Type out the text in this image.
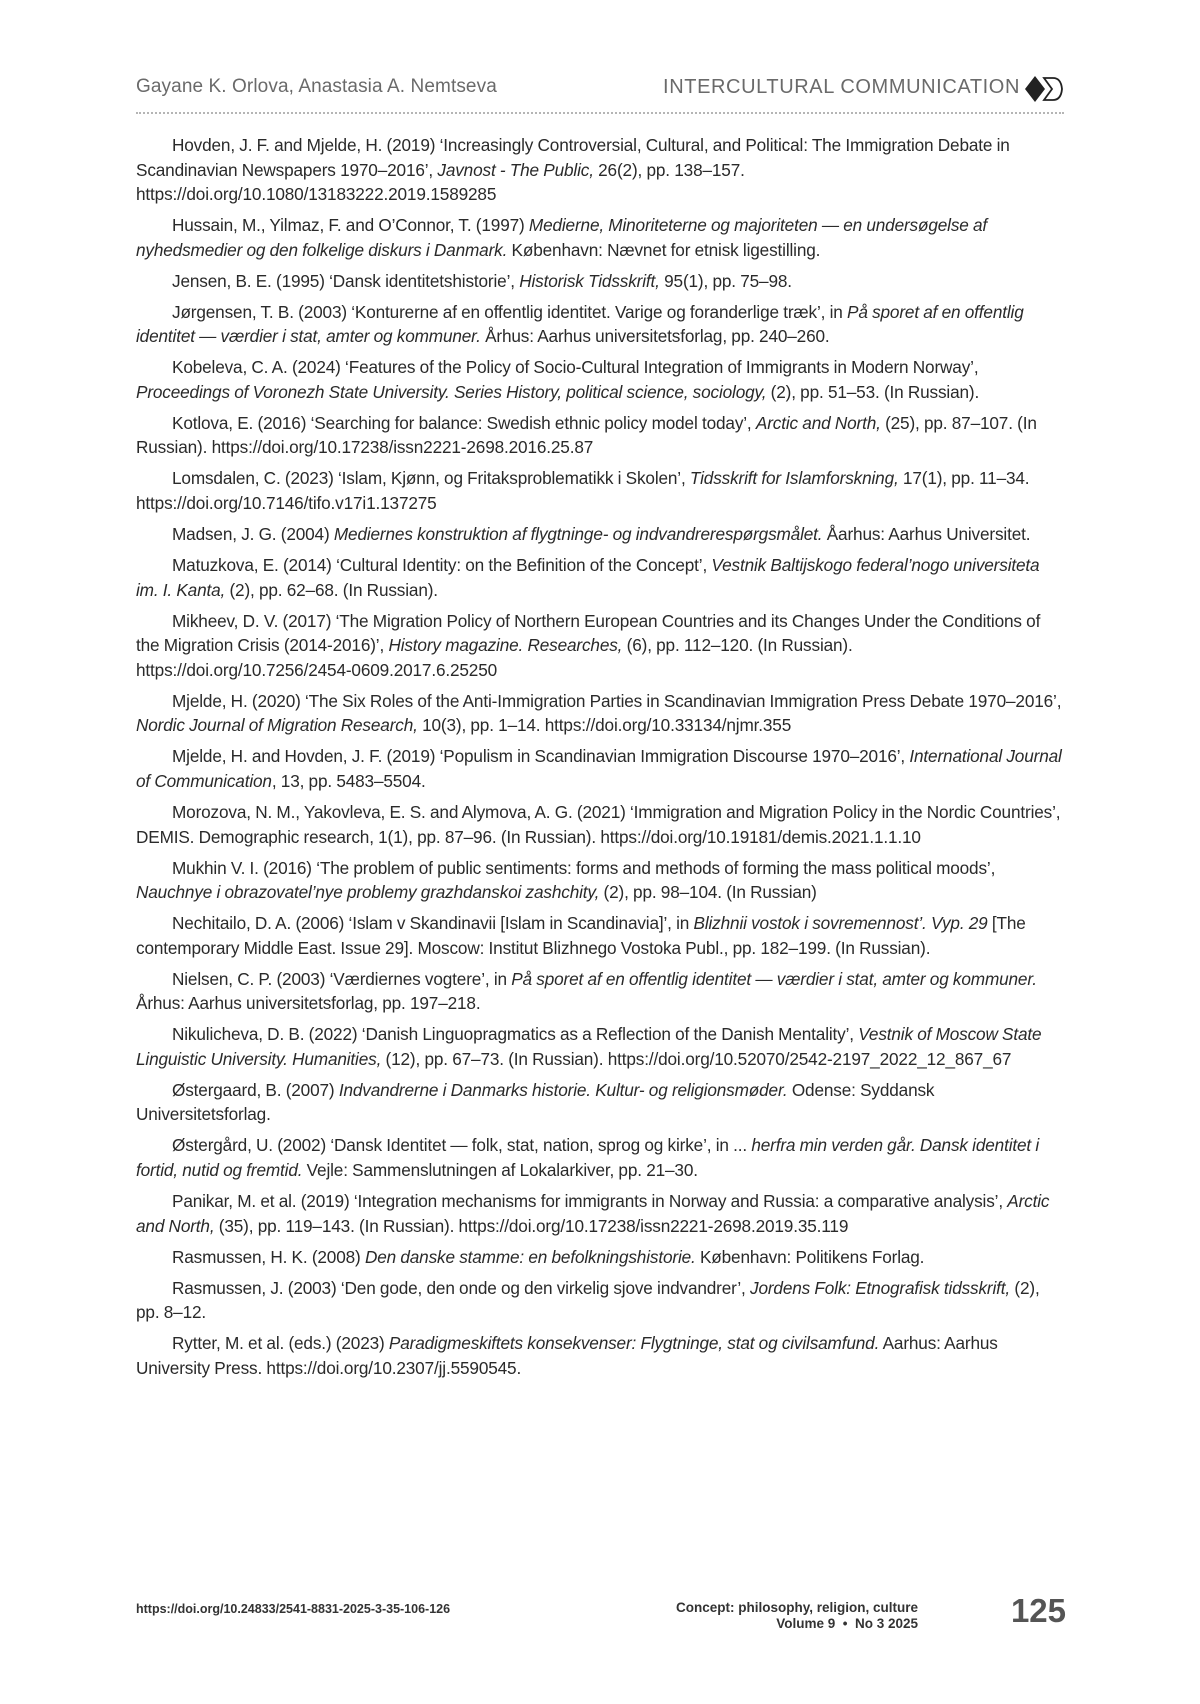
Gayane K. Orlova, Anastasia A. Nemtseva	INTERCULTURAL COMMUNICATION

Hovden, J. F. and Mjelde, H. (2019) ‘Increasingly Controversial, Cultural, and Political: The Immigration Debate in Scandinavian Newspapers 1970–2016’, Javnost - The Public, 26(2), pp. 138–157. https://doi.org/10.1080/13183222.2019.1589285

Hussain, M., Yilmaz, F. and O’Connor, T. (1997) Medierne, Minoriteterne og majoriteten — en undersøgelse af nyhedsmedier og den folkelige diskurs i Danmark. København: Nævnet for etnisk ligestilling.

Jensen, B. E. (1995) ‘Dansk identitetshistorie’, Historisk Tidsskrift, 95(1), pp. 75–98.

Jørgensen, T. B. (2003) ‘Konturerne af en offentlig identitet. Varige og foranderlige træk’, in På sporet af en offentlig identitet — værdier i stat, amter og kommuner. Århus: Aarhus universitetsforlag, pp. 240–260.

Kobeleva, C. A. (2024) ‘Features of the Policy of Socio-Cultural Integration of Immigrants in Modern Norway’, Proceedings of Voronezh State University. Series History, political science, sociology, (2), pp. 51–53. (In Russian).

Kotlova, E. (2016) ‘Searching for balance: Swedish ethnic policy model today’, Arctic and North, (25), pp. 87–107. (In Russian). https://doi.org/10.17238/issn2221-2698.2016.25.87

Lomsdalen, C. (2023) ‘Islam, Kjønn, og Fritaksproblematikk i Skolen’, Tidsskrift for Islamforskning, 17(1), pp. 11–34. https://doi.org/10.7146/tifo.v17i1.137275

Madsen, J. G. (2004) Mediernes konstruktion af flygtninge- og indvandrerespørgsmålet. Åarhus: Aarhus Universitet.

Matuzkova, E. (2014) ‘Cultural Identity: on the Befinition of the Concept’, Vestnik Baltijskogo federal’nogo universiteta im. I. Kanta, (2), pp. 62–68. (In Russian).

Mikheev, D. V. (2017) ‘The Migration Policy of Northern European Countries and its Changes Under the Conditions of the Migration Crisis (2014-2016)’, History magazine. Researches, (6), pp. 112–120. (In Russian). https://doi.org/10.7256/2454-0609.2017.6.25250

Mjelde, H. (2020) ‘The Six Roles of the Anti-Immigration Parties in Scandinavian Immigration Press Debate 1970–2016’, Nordic Journal of Migration Research, 10(3), pp. 1–14. https://doi.org/10.33134/njmr.355

Mjelde, H. and Hovden, J. F. (2019) ‘Populism in Scandinavian Immigration Discourse 1970–2016’, International Journal of Communication, 13, pp. 5483–5504.

Morozova, N. M., Yakovleva, E. S. and Alymova, A. G. (2021) ‘Immigration and Migration Policy in the Nordic Countries’, DEMIS. Demographic research, 1(1), pp. 87–96. (In Russian). https://doi.org/10.19181/demis.2021.1.1.10

Mukhin V. I. (2016) ‘The problem of public sentiments: forms and methods of forming the mass political moods’, Nauchnye i obrazovatel’nye problemy grazhdanskoi zashchity, (2), pp. 98–104. (In Russian)

Nechitailo, D. A. (2006) ‘Islam v Skandinavii [Islam in Scandinavia]’, in Blizhnii vostok i sovremennost’. Vyp. 29 [The contemporary Middle East. Issue 29]. Moscow: Institut Blizhnego Vostoka Publ., pp. 182–199. (In Russian).

Nielsen, C. P. (2003) ‘Værdiernes vogtere’, in På sporet af en offentlig identitet — værdier i stat, amter og kommuner. Århus: Aarhus universitetsforlag, pp. 197–218.

Nikulicheva, D. B. (2022) ‘Danish Linguopragmatics as a Reflection of the Danish Mentality’, Vestnik of Moscow State Linguistic University. Humanities, (12), pp. 67–73. (In Russian). https://doi.org/10.52070/2542-2197_2022_12_867_67

Østergaard, B. (2007) Indvandrerne i Danmarks historie. Kultur- og religionsmøder. Odense: Syddansk Universitetsforlag.

Østergård, U. (2002) ‘Dansk Identitet — folk, stat, nation, sprog og kirke’, in ... herfra min verden går. Dansk identitet i fortid, nutid og fremtid. Vejle: Sammenslutningen af Lokalarkiver, pp. 21–30.

Panikar, M. et al. (2019) ‘Integration mechanisms for immigrants in Norway and Russia: a comparative analysis’, Arctic and North, (35), pp. 119–143. (In Russian). https://doi.org/10.17238/issn2221-2698.2019.35.119

Rasmussen, H. K. (2008) Den danske stamme: en befolkningshistorie. København: Politikens Forlag.

Rasmussen, J. (2003) ‘Den gode, den onde og den virkelig sjove indvandrer’, Jordens Folk: Etnografisk tidsskrift, (2), pp. 8–12.

Rytter, M. et al. (eds.) (2023) Paradigmeskiftets konsekvenser: Flygtninge, stat og civilsamfund. Aarhus: Aarhus University Press. https://doi.org/10.2307/jj.5590545.

https://doi.org/10.24833/2541-8831-2025-3-35-106-126	Concept: philosophy, religion, culture
Volume 9  •  No 3 2025	125
